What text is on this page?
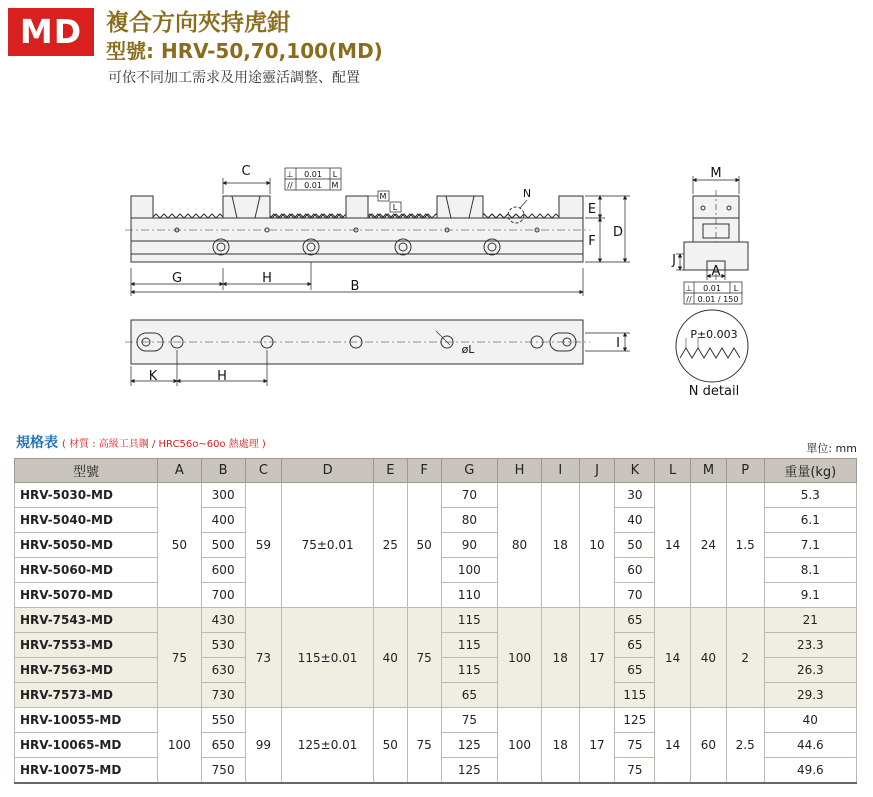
MD	複合方向夾持虎鉗
型號: HRV-50,70,100(MD)
可依不同加工需求及用途靈活調整、配置
C
G	H
B
E
F
D
N
⊥ 0.01 L
// 0.01 M
M
L
K	H
øL	I
M
J
A
⊥ 0.01 L
// 0.01 / 150
P±0.003
N detail
規格表 ( 材質 : 高級工具鋼 / HRC56o~60o 熱處理 )	單位: mm
型號	A	B	C	D	E	F	G	H	I	J	K	L	M	P	重量(kg)
HRV-5030-MD	50	300	59	75±0.01	25	50	70	80	18	10	30	14	24	1.5	5.3
HRV-5040-MD		400					80				40				6.1
HRV-5050-MD		500					90				50				7.1
HRV-5060-MD		600					100				60				8.1
HRV-5070-MD		700					110				70				9.1
HRV-7543-MD	75	430	73	115±0.01	40	75	115	100	18	17	65	14	40	2	21
HRV-7553-MD		530					115				65				23.3
HRV-7563-MD		630					115				65				26.3
HRV-7573-MD		730					65				115				29.3
HRV-10055-MD	100	550	99	125±0.01	50	75	75	100	18	17	125	14	60	2.5	40
HRV-10065-MD		650					125				75				44.6
HRV-10075-MD		750					125				75				49.6
